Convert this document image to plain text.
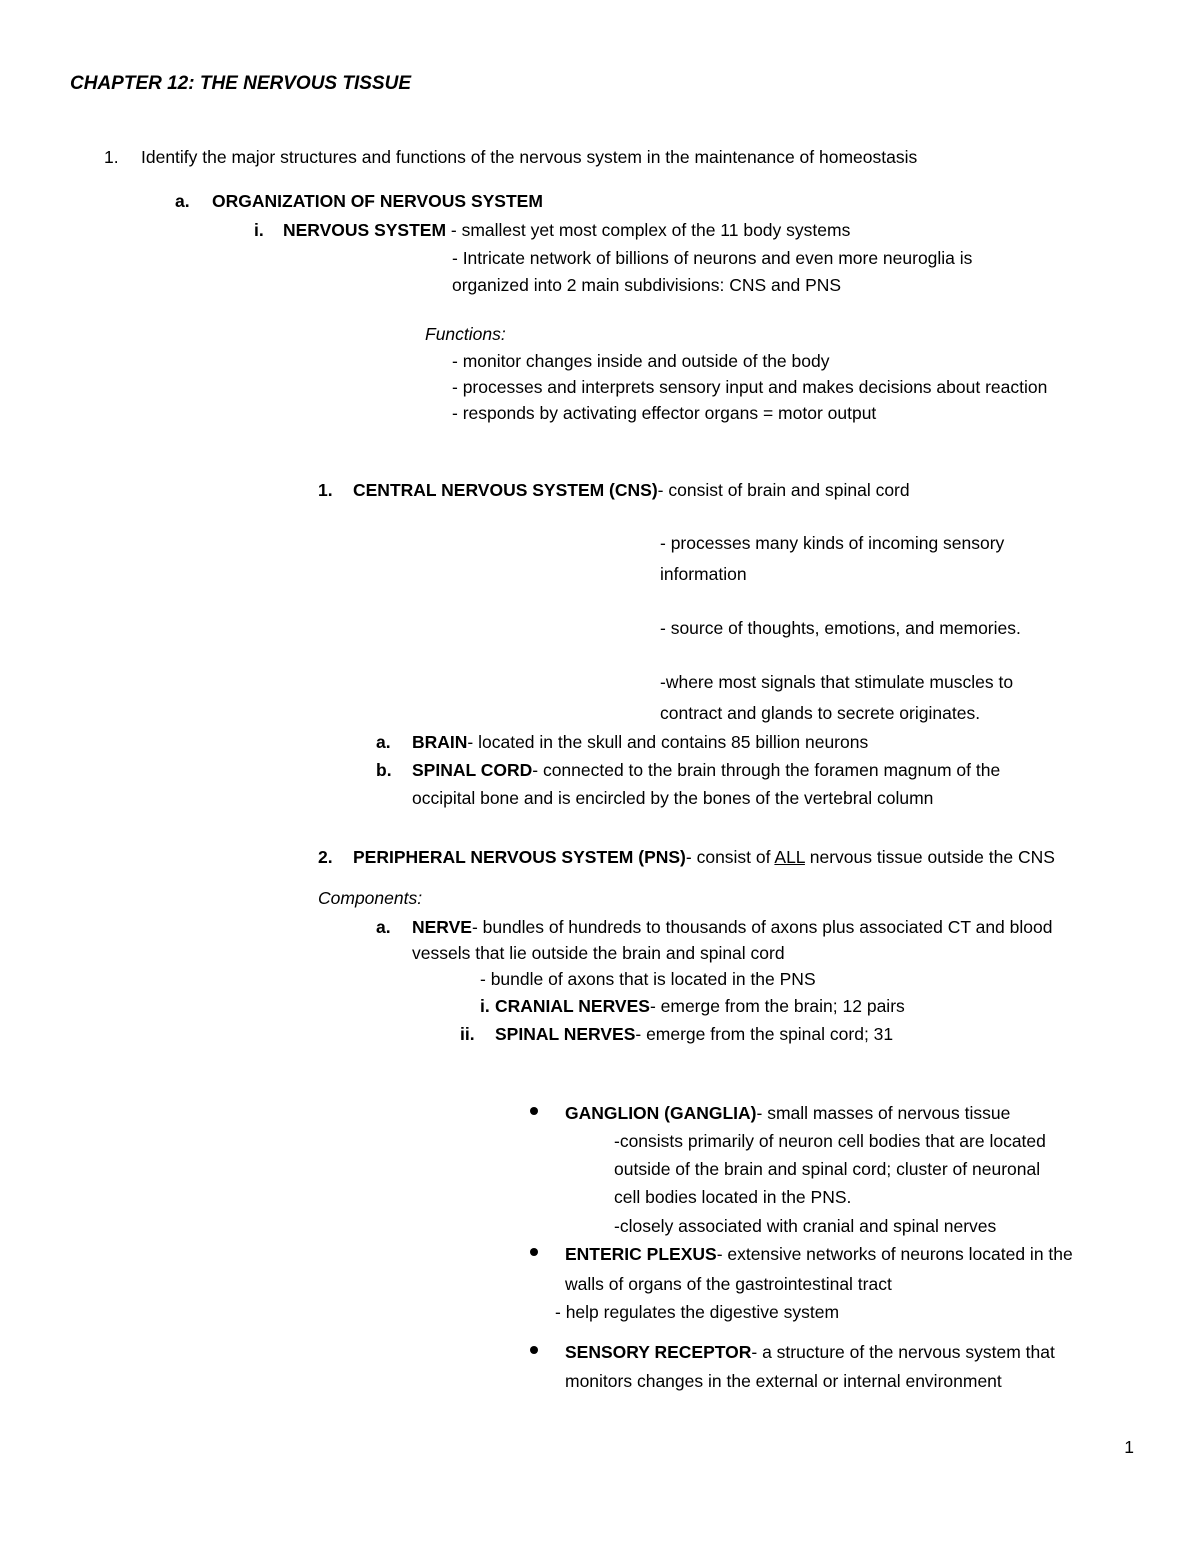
CHAPTER 12: THE NERVOUS TISSUE
1. Identify the major structures and functions of the nervous system in the maintenance of homeostasis
a. ORGANIZATION OF NERVOUS SYSTEM
i. NERVOUS SYSTEM - smallest yet most complex of the 11 body systems
- Intricate network of billions of neurons and even more neuroglia is
organized into 2 main subdivisions: CNS and PNS
Functions:
- monitor changes inside and outside of the body
- processes and interprets sensory input and makes decisions about reaction
- responds by activating effector organs = motor output
1. CENTRAL NERVOUS SYSTEM (CNS)- consist of brain and spinal cord
- processes many kinds of incoming sensory
information
- source of thoughts, emotions, and memories.
-where most signals that stimulate muscles to
contract and glands to secrete originates.
a. BRAIN- located in the skull and contains 85 billion neurons
b. SPINAL CORD- connected to the brain through the foramen magnum of the
occipital bone and is encircled by the bones of the vertebral column
2. PERIPHERAL NERVOUS SYSTEM (PNS)- consist of ALL nervous tissue outside the CNS
Components:
a. NERVE- bundles of hundreds to thousands of axons plus associated CT and blood
vessels that lie outside the brain and spinal cord
- bundle of axons that is located in the PNS
i. CRANIAL NERVES- emerge from the brain; 12 pairs
ii. SPINAL NERVES- emerge from the spinal cord; 31
GANGLION (GANGLIA)- small masses of nervous tissue
-consists primarily of neuron cell bodies that are located
outside of the brain and spinal cord; cluster of neuronal
cell bodies located in the PNS.
-closely associated with cranial and spinal nerves
ENTERIC PLEXUS- extensive networks of neurons located in the
walls of organs of the gastrointestinal tract
- help regulates the digestive system
SENSORY RECEPTOR- a structure of the nervous system that
monitors changes in the external or internal environment
1
